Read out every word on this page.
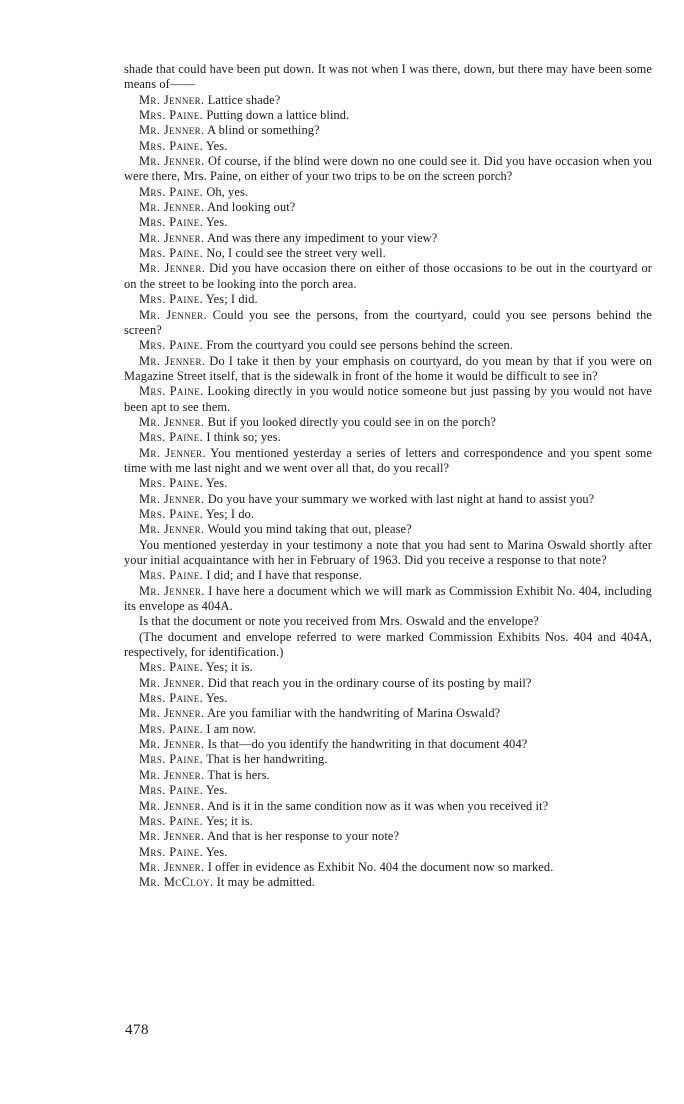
shade that could have been put down. It was not when I was there, down, but there may have been some means of——

Mr. Jenner. Lattice shade?

Mrs. Paine. Putting down a lattice blind.

Mr. Jenner. A blind or something?

Mrs. Paine. Yes.

Mr. Jenner. Of course, if the blind were down no one could see it. Did you have occasion when you were there, Mrs. Paine, on either of your two trips to be on the screen porch?

Mrs. Paine. Oh, yes.

Mr. Jenner. And looking out?

Mrs. Paine. Yes.

Mr. Jenner. And was there any impediment to your view?

Mrs. Paine. No, I could see the street very well.

Mr. Jenner. Did you have occasion there on either of those occasions to be out in the courtyard or on the street to be looking into the porch area.

Mrs. Paine. Yes; I did.

Mr. Jenner. Could you see the persons, from the courtyard, could you see persons behind the screen?

Mrs. Paine. From the courtyard you could see persons behind the screen.

Mr. Jenner. Do I take it then by your emphasis on courtyard, do you mean by that if you were on Magazine Street itself, that is the sidewalk in front of the home it would be difficult to see in?

Mrs. Paine. Looking directly in you would notice someone but just passing by you would not have been apt to see them.

Mr. Jenner. But if you looked directly you could see in on the porch?

Mrs. Paine. I think so; yes.

Mr. Jenner. You mentioned yesterday a series of letters and correspondence and you spent some time with me last night and we went over all that, do you recall?

Mrs. Paine. Yes.

Mr. Jenner. Do you have your summary we worked with last night at hand to assist you?

Mrs. Paine. Yes; I do.

Mr. Jenner. Would you mind taking that out, please?

You mentioned yesterday in your testimony a note that you had sent to Marina Oswald shortly after your initial acquaintance with her in February of 1963. Did you receive a response to that note?

Mrs. Paine. I did; and I have that response.

Mr. Jenner. I have here a document which we will mark as Commission Exhibit No. 404, including its envelope as 404A.

Is that the document or note you received from Mrs. Oswald and the envelope?

(The document and envelope referred to were marked Commission Exhibits Nos. 404 and 404A, respectively, for identification.)

Mrs. Paine. Yes; it is.

Mr. Jenner. Did that reach you in the ordinary course of its posting by mail?

Mrs. Paine. Yes.

Mr. Jenner. Are you familiar with the handwriting of Marina Oswald?

Mrs. Paine. I am now.

Mr. Jenner. Is that—do you identify the handwriting in that document 404?

Mrs. Paine. That is her handwriting.

Mr. Jenner. That is hers.

Mrs. Paine. Yes.

Mr. Jenner. And is it in the same condition now as it was when you received it?

Mrs. Paine. Yes; it is.

Mr. Jenner. And that is her response to your note?

Mrs. Paine. Yes.

Mr. Jenner. I offer in evidence as Exhibit No. 404 the document now so marked.

Mr. McCloy. It may be admitted.

478
